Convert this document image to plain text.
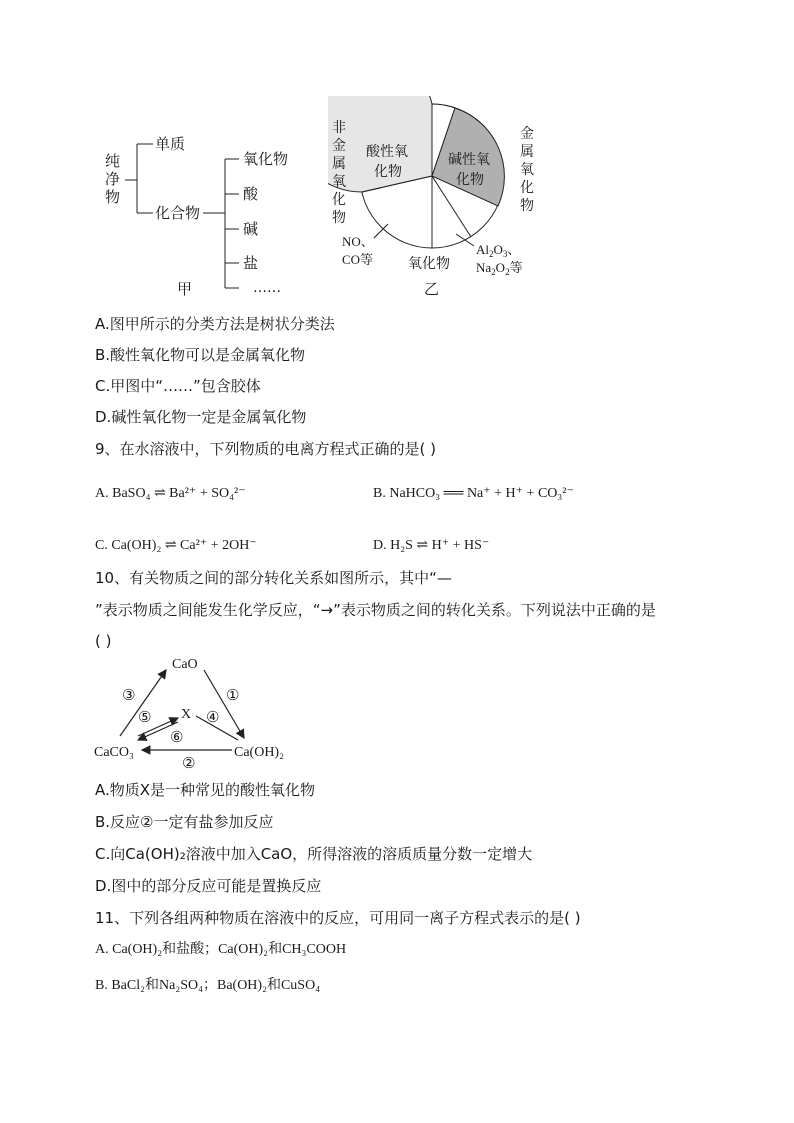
纯
净
物
单质
化合物
氧化物
酸
碱
盐
……
甲
酸性氧
化物
碱性氧
化物
非
金
属
氧
化
物
金
属
氧
化
物
NO、
CO等
$Al_2O_3$、
$Na_2O_2$等
氧化物
乙
A.图甲所示的分类方法是树状分类法
B.酸性氧化物可以是金属氧化物
C.甲图中“……”包含胶体
D.碱性氧化物一定是金属氧化物
9、在水溶液中，下列物质的电离方程式正确的是( )
A. BaSO₄ ⇌ Ba²⁺ + SO₄²⁻	B. NaHCO₃ ══ Na⁺ + H⁺ + CO₃²⁻
C. Ca(OH)₂ ⇌ Ca²⁺ + 2OH⁻	D. H₂S ⇌ H⁺ + HS⁻
10、有关物质之间的部分转化关系如图所示，其中“—
”表示物质之间能发生化学反应，“→”表示物质之间的转化关系。下列说法中正确的是
( )
CaO
X
CaCO₃	Ca(OH)₂
③	①
⑤	④
⑥
②
A.物质X是一种常见的酸性氧化物
B.反应②一定有盐参加反应
C.向Ca(OH)₂溶液中加入CaO，所得溶液的溶质质量分数一定增大
D.图中的部分反应可能是置换反应
11、下列各组两种物质在溶液中的反应，可用同一离子方程式表示的是( )
A. Ca(OH)₂和盐酸；Ca(OH)₂和CH₃COOH
B. BaCl₂和Na₂SO₄；Ba(OH)₂和CuSO₄
